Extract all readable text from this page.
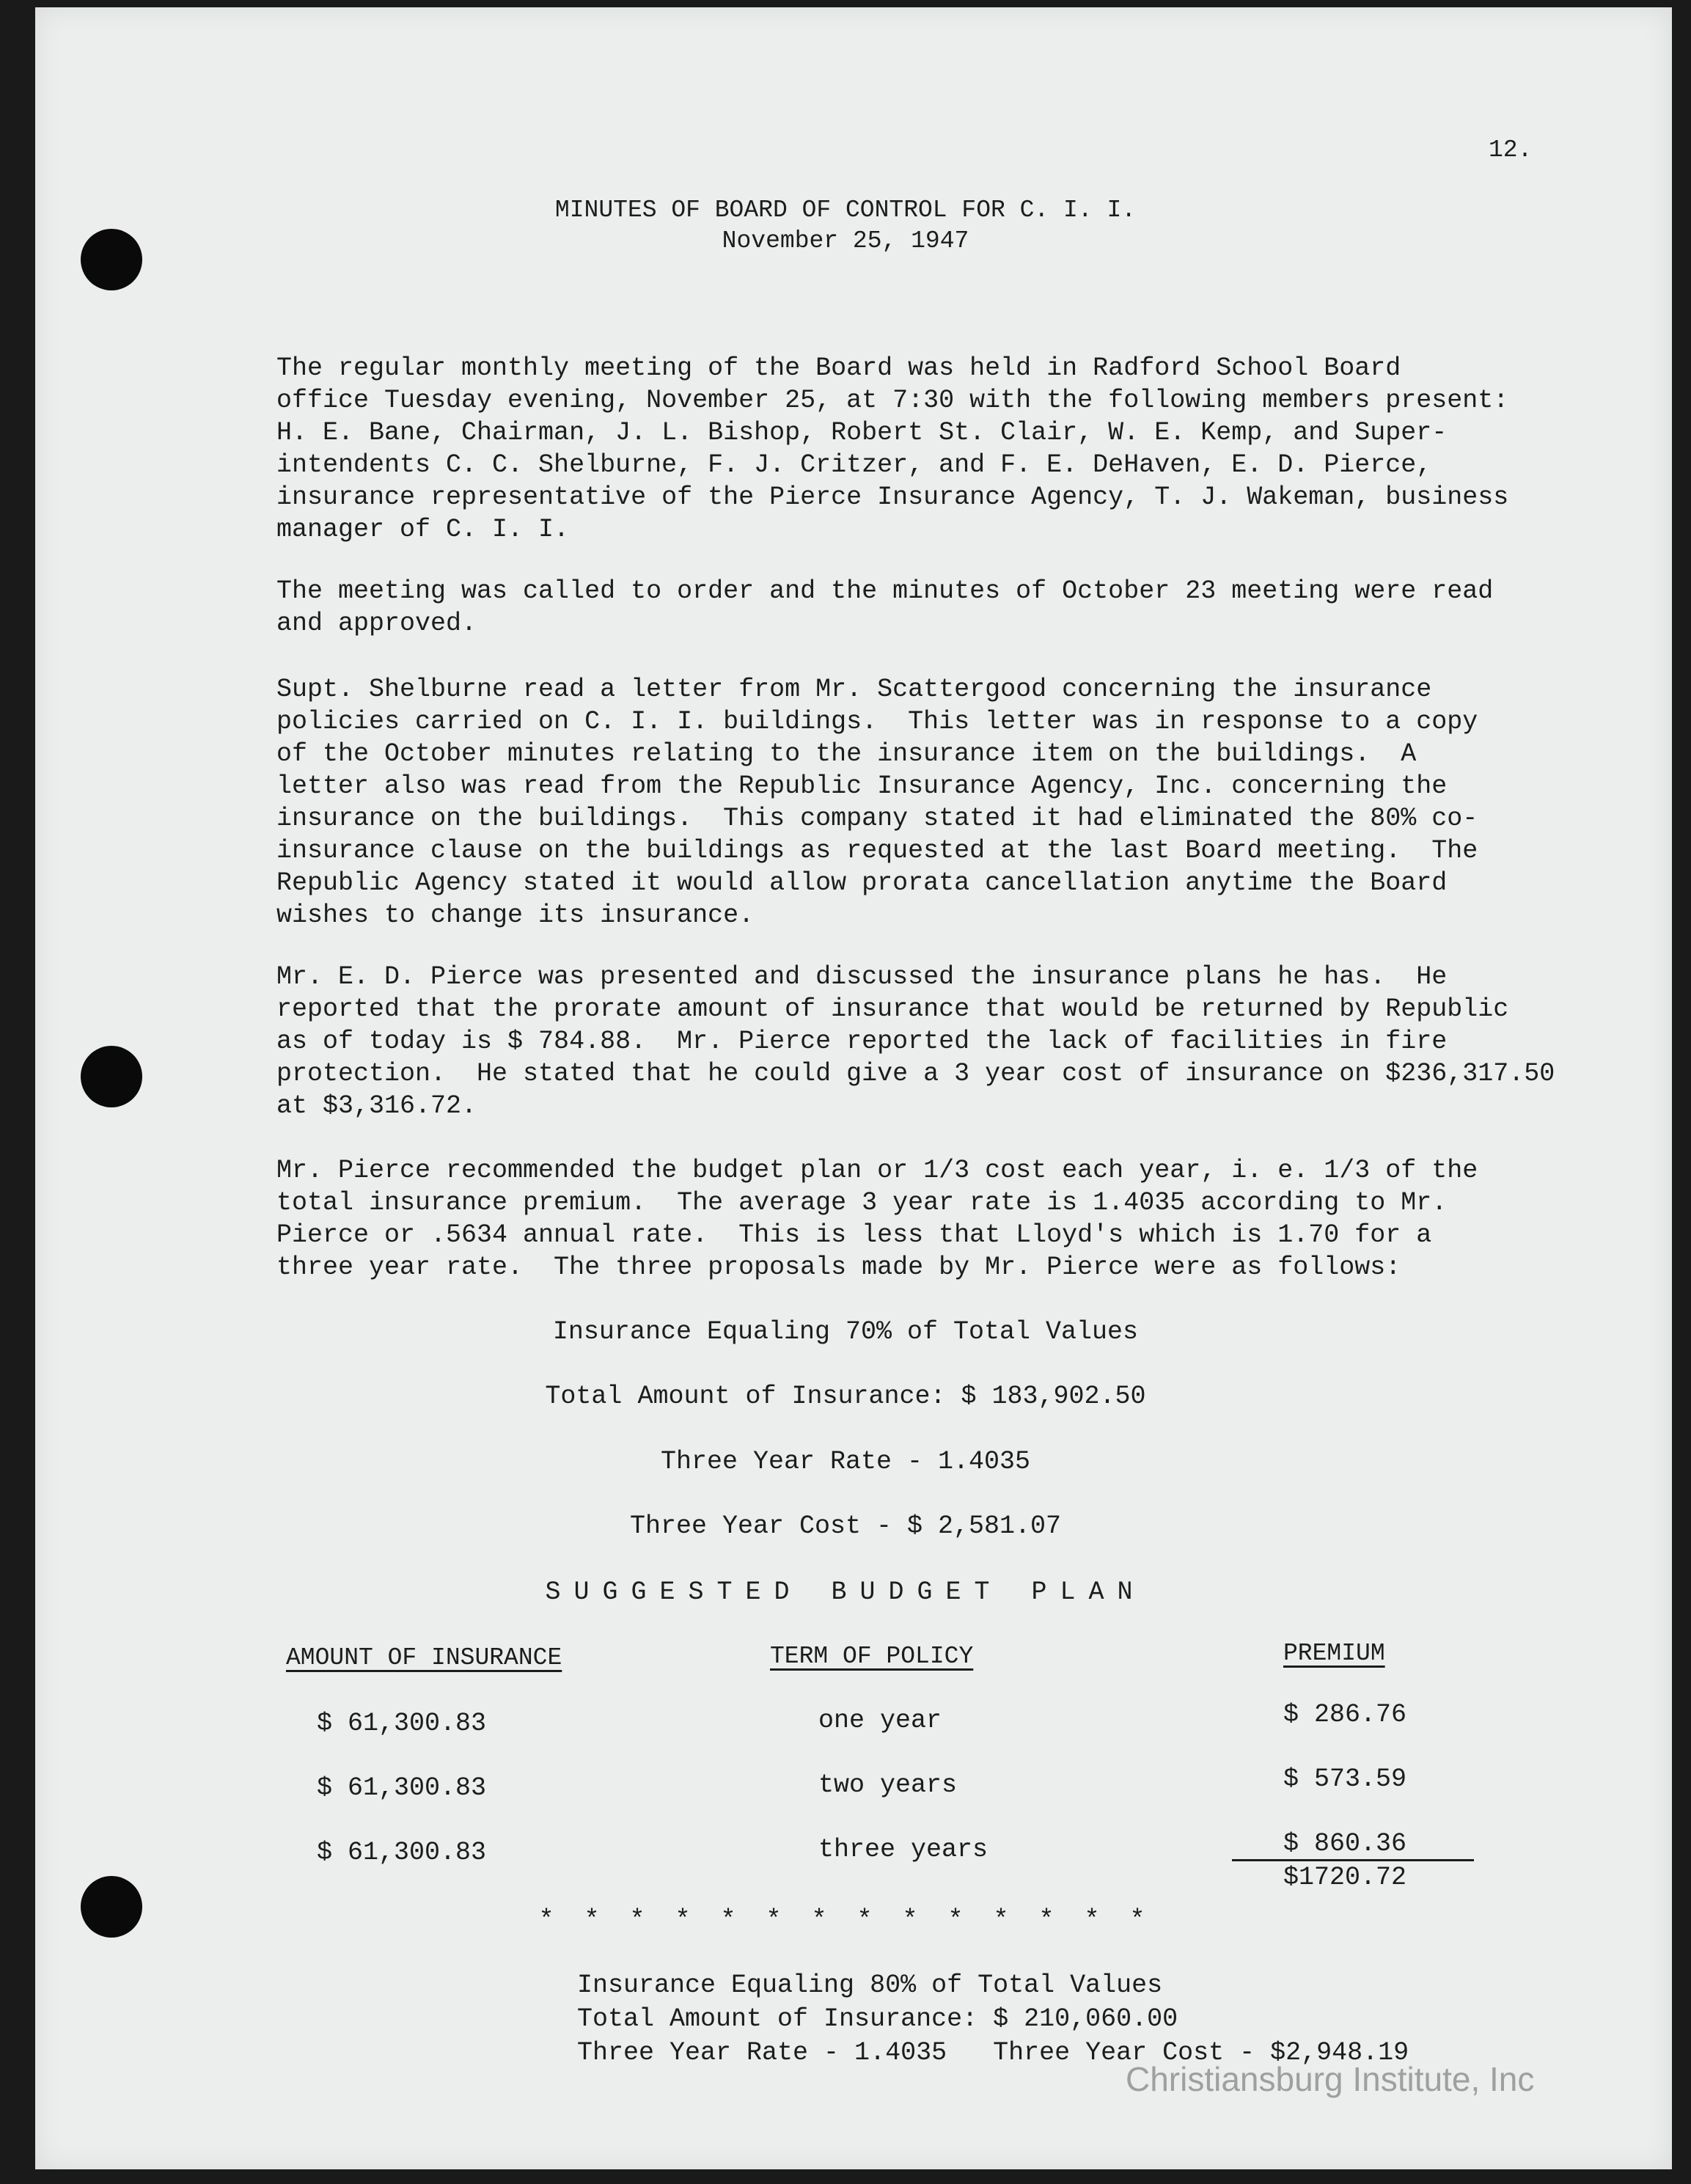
12.
MINUTES OF BOARD OF CONTROL FOR C. I. I.
November 25, 1947

The regular monthly meeting of the Board was held in Radford School Board
office Tuesday evening, November 25, at 7:30 with the following members present:
H. E. Bane, Chairman, J. L. Bishop, Robert St. Clair, W. E. Kemp, and Super-
intendents C. C. Shelburne, F. J. Critzer, and F. E. DeHaven, E. D. Pierce,
insurance representative of the Pierce Insurance Agency, T. J. Wakeman, business
manager of C. I. I.

The meeting was called to order and the minutes of October 23 meeting were read
and approved.

Supt. Shelburne read a letter from Mr. Scattergood concerning the insurance
policies carried on C. I. I. buildings.  This letter was in response to a copy
of the October minutes relating to the insurance item on the buildings.  A
letter also was read from the Republic Insurance Agency, Inc. concerning the
insurance on the buildings.  This company stated it had eliminated the 80% co-
insurance clause on the buildings as requested at the last Board meeting.  The
Republic Agency stated it would allow prorata cancellation anytime the Board
wishes to change its insurance.

Mr. E. D. Pierce was presented and discussed the insurance plans he has.  He
reported that the prorate amount of insurance that would be returned by Republic
as of today is $ 784.88.  Mr. Pierce reported the lack of facilities in fire
protection.  He stated that he could give a 3 year cost of insurance on $236,317.50
at $3,316.72.

Mr. Pierce recommended the budget plan or 1/3 cost each year, i. e. 1/3 of the
total insurance premium.  The average 3 year rate is 1.4035 according to Mr.
Pierce or .5634 annual rate.  This is less that Lloyd's which is 1.70 for a
three year rate.  The three proposals made by Mr. Pierce were as follows:

Insurance Equaling 70% of Total Values
Total Amount of Insurance: $ 183,902.50
Three Year Rate - 1.4035
Three Year Cost - $ 2,581.07
SUGGESTED BUDGET PLAN
AMOUNT OF INSURANCE	TERM OF POLICY	PREMIUM
$ 61,300.83	one year	$ 286.76
$ 61,300.83	two years	$ 573.59
$ 61,300.83	three years	$ 860.36
$1720.72
* * * * * * * * * * * * * *

Insurance Equaling 80% of Total Values

Total Amount of Insurance: $ 210,060.00

Three Year Rate - 1.4035   Three Year Cost - $2,948.19

Christiansburg Institute, Inc
